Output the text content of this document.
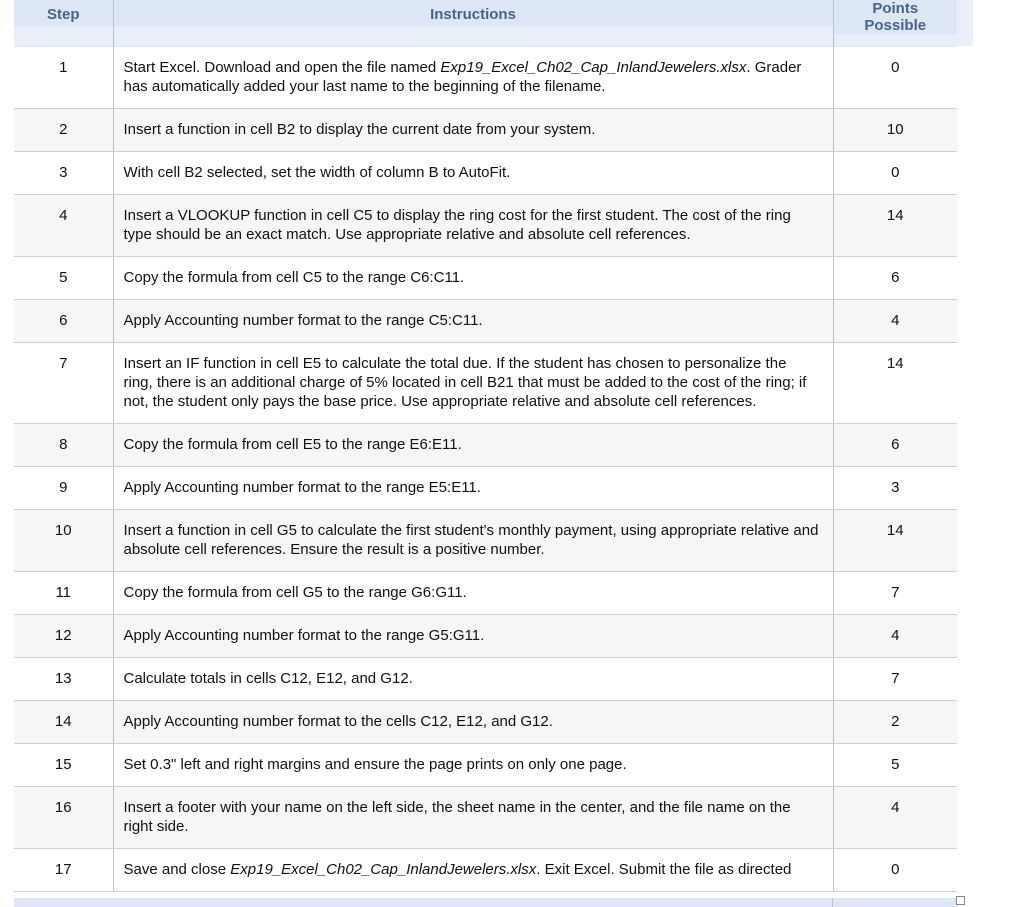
Step	Instructions	Points
Possible

1	Start Excel. Download and open the file named Exp19_Excel_Ch02_Cap_InlandJewelers.xlsx. Grader has automatically added your last name to the beginning of the filename.	0

2	Insert a function in cell B2 to display the current date from your system.	10

3	With cell B2 selected, set the width of column B to AutoFit.	0

4	Insert a VLOOKUP function in cell C5 to display the ring cost for the first student. The cost of the ring type should be an exact match. Use appropriate relative and absolute cell references.	14

5	Copy the formula from cell C5 to the range C6:C11.	6

6	Apply Accounting number format to the range C5:C11.	4

7	Insert an IF function in cell E5 to calculate the total due. If the student has chosen to personalize the ring, there is an additional charge of 5% located in cell B21 that must be added to the cost of the ring; if not, the student only pays the base price. Use appropriate relative and absolute cell references.	14

8	Copy the formula from cell E5 to the range E6:E11.	6

9	Apply Accounting number format to the range E5:E11.	3

10	Insert a function in cell G5 to calculate the first student's monthly payment, using appropriate relative and absolute cell references. Ensure the result is a positive number.	14

11	Copy the formula from cell G5 to the range G6:G11.	7

12	Apply Accounting number format to the range G5:G11.	4

13	Calculate totals in cells C12, E12, and G12.	7

14	Apply Accounting number format to the cells C12, E12, and G12.	2

15	Set 0.3" left and right margins and ensure the page prints on only one page.	5

16	Insert a footer with your name on the left side, the sheet name in the center, and the file name on the right side.	4

17	Save and close Exp19_Excel_Ch02_Cap_InlandJewelers.xlsx. Exit Excel. Submit the file as directed	0
